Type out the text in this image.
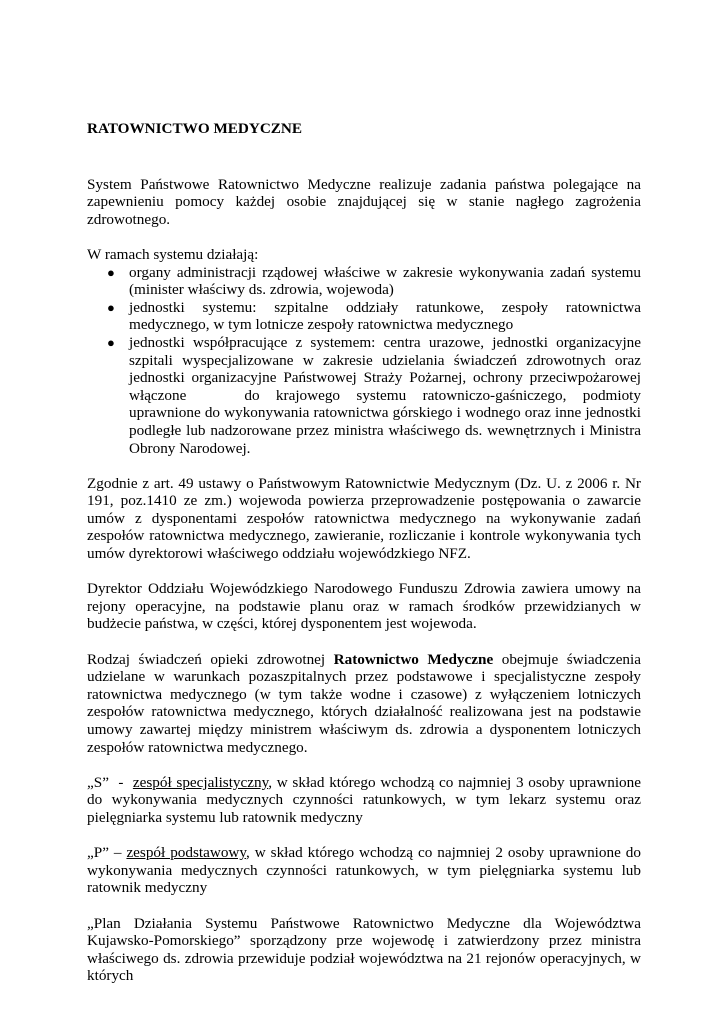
RATOWNICTWO MEDYCZNE

System Państwowe Ratownictwo Medyczne realizuje zadania państwa polegające na zapewnieniu pomocy każdej osobie znajdującej się w stanie nagłego zagrożenia zdrowotnego.

W ramach systemu działają:
● organy administracji rządowej właściwe w zakresie wykonywania zadań systemu (minister właściwy ds. zdrowia, wojewoda)
● jednostki systemu: szpitalne oddziały ratunkowe, zespoły ratownictwa medycznego, w tym lotnicze zespoły ratownictwa medycznego
● jednostki współpracujące z systemem: centra urazowe, jednostki organizacyjne szpitali wyspecjalizowane w zakresie udzielania świadczeń zdrowotnych oraz jednostki organizacyjne Państwowej Straży Pożarnej, ochrony przeciwpożarowej włączone	do krajowego systemu ratowniczo-gaśniczego, podmioty uprawnione do wykonywania ratownictwa górskiego i wodnego oraz inne jednostki podległe lub nadzorowane przez ministra właściwego ds. wewnętrznych i Ministra Obrony Narodowej.

Zgodnie z art. 49 ustawy o Państwowym Ratownictwie Medycznym (Dz. U. z 2006 r. Nr 191, poz.1410 ze zm.) wojewoda powierza przeprowadzenie postępowania o zawarcie umów z dysponentami zespołów ratownictwa medycznego na wykonywanie zadań zespołów ratownictwa medycznego, zawieranie, rozliczanie i kontrole wykonywania tych umów dyrektorowi właściwego oddziału wojewódzkiego NFZ.

Dyrektor Oddziału Wojewódzkiego Narodowego Funduszu Zdrowia zawiera umowy na rejony operacyjne, na podstawie planu oraz w ramach środków przewidzianych w budżecie państwa, w części, której dysponentem jest wojewoda.

Rodzaj świadczeń opieki zdrowotnej Ratownictwo Medyczne obejmuje świadczenia udzielane w warunkach pozaszpitalnych przez podstawowe i specjalistyczne zespoły ratownictwa medycznego (w tym także wodne i czasowe) z wyłączeniem lotniczych zespołów ratownictwa medycznego, których działalność realizowana jest na podstawie umowy zawartej między ministrem właściwym ds. zdrowia a dysponentem lotniczych zespołów ratownictwa medycznego.

„S”  -  zespół specjalistyczny, w skład którego wchodzą co najmniej 3 osoby uprawnione do wykonywania medycznych czynności ratunkowych, w tym lekarz systemu oraz pielęgniarka systemu lub ratownik medyczny

„P” – zespół podstawowy, w skład którego wchodzą co najmniej 2 osoby uprawnione do wykonywania medycznych czynności ratunkowych, w tym pielęgniarka systemu lub ratownik medyczny

„Plan Działania Systemu Państwowe Ratownictwo Medyczne dla Województwa Kujawsko-Pomorskiego” sporządzony prze wojewodę i zatwierdzony przez ministra właściwego ds. zdrowia przewiduje podział województwa na 21 rejonów operacyjnych, w których
